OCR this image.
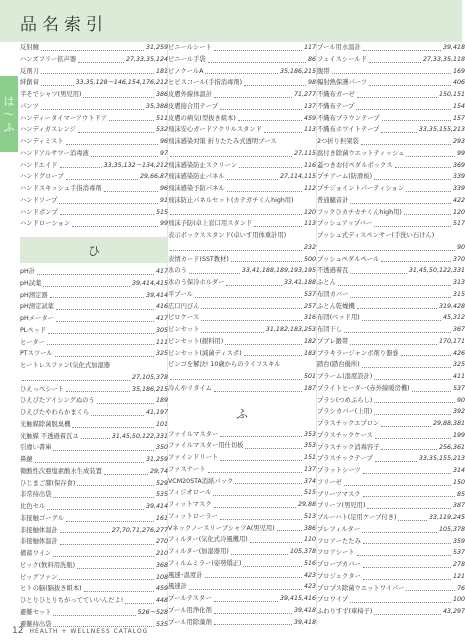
品名索引
は
〜
ふ
反射鏡	31,259
ハンズフリー拡声器	27,33,35,124
反剤刀	181
絆創膏	33,35,128〜146,154,176,212
半そでシャツ(男児用)	386
パンツ	35,388
ハンディータイマーアウトドア	511
ハンディガスレンジ	532
ハンディミスト	96
ハンドアルサワー消毒液	97
ハンドエイド	33,35,132〜134,212
ハンドグローブ	29,66,87
ハンドスキッシュ手指消毒剤	96
ハンドソープ	91
ハンドポンプ	515
ハンドローション	99
ひ
pH計	417
pH試薬	39,414,415
pH測定器	39,414
pH測定試薬	416
pHメーター	417
PLペッド	305
ヒーター	111
PTスツール	325
ヒートレスファン(気化式加湿器
27,105,378
ひえっぺシート	35,186,215
ひえぴたアイシングぬのう	189
ひえぴたやわらかまくら	41,197
光触媒除菌脱臭機	101
光触媒 不透過着瓦ユ	31,45,50,122,331
引違い書庫	350
鼻鏡	31,259
微酸性次亜塩素酸水生成装置	29,74
ひじまご膝(保存食)	529
非常持出袋	535
比色セル	39,414
非接触ゴーグル	161
非接触体温計	27,70,71,276,277
非接触体温計	270
備蓄ワイン	210
ビック(飲料用洗瓶)	368
ビッグファン	108
ヒトの脳(脳抜き組本)	459
ひとりひとりちがってていいんだよ!	448
避難セット	526〜528
避難持出袋	535
ビニールシート	117
ビニール手袋	86
ビノクールA	35,186,215
ヒビスコール(手指消毒剤)	98
皮膚外線体温計	71,277
皮膚接合用テープ	137
皮膚の病気(型抜き組本)	459
飛沫安心ガードアクリルスタンド	113
飛沫感染対策 折りたたみ式透明ブース
27,115
飛沫感染防止スクリーン	116
飛沫感染防止パネル	27,114,115
飛沫感染予防パネル	112
飛沫防止パネルセット(カテガチくんhigh用)
120
飛沫予防(卓上窓口用スタンド	113
表示ボックススタンド(卓いす用体重計用)
232
表情カード(SST教材)	500
氷のう	33,41,188,189,193,195
氷のう保冷ホルダー	33,41,188
平プール	537
広口円びん	257
ピロケース	316
ピンセット	31,182,183,253
ピンセット(銀料用)	182
ピンセット(減菌ディスポ)	183
ビンゴを解決! 10歳からのライフスキル
501
冷んやリタイム	187
ふ
ファイルマスター	353
ファイルマスター用仕切板	353
ファインドリート	151
ファスナート	137
VCM20STA消紙パック	374
フィジオロール	515
フィットマスク	29,88
フィットローラー	513
VネックノースリーブシャツA(男児用)	386
フィルター(気化式冷風機用)	110
フィルター(加湿器用)	105,378
フィルムミラー(姿勢矯正)	516
風速･温度計	423
風速計	423
プールテスター	39,415,416
プール用浄化剤	39,418
プール用除藻剤	39,418
プール用水温計	39,418
フェイスシールド	27,33,35,118
腹帯	169
輻射熱保護パーツ	406
不織布ガーゼ	150,151
不織布テープ	154
不織布ブラウンテープ	157
不織布ホワイトテープ	33,35,155,213
2つ折り担架袋	293
腐付き除菌ウエットティッシュ	99
蓋つきお付ペダルボックス	369
プチアーム(防滑板)	339
プチジョイントパーティション	339
普通騒音計	422
フックひカチカチくんhigh用)	120
プッシュアップバー	517
プッシュ式ディスペンサー(手洗い石けん)
90
プッシュペダルペール	370
不透過着瓦	31,45,50,122,331
ふとん	313
布団カバー	315
ふとん乾燥機	319,428
布団(ベッド用)	45,312
布団干し	367
プブレ鍛帯	170,171
ブラキラージャンボ剤り器巻	426
踏台(踏台優所)	325
ブラーム(湿度設計)	411
プライトヒーター(赤外線暖房機)	537
プラシ(つめぶらし)	90
プラシカバー(上用)	392
プラスチックエプロン	29,88,381
プラスチックケース	199
プラスチック消毒容子	256,361
プラスチックテープ	33,35,155,213
プラットシーツ	314
フリーゼ	150
ブリーツマスク	85
ブリーフ(男児用)	387
ブルーハト(足用ケーブ付き)	33,119,245
プレフィルター	105,378
フロアーたたみ	359
フロアシート	537
プローブカバー	278
プロジェクター	121
プロプス除菌ウエットワイパー	76
プロワイプ	100
ふわりすず(車椅子)	43,297
12 HEALTH + WELLNESS CATALOG
